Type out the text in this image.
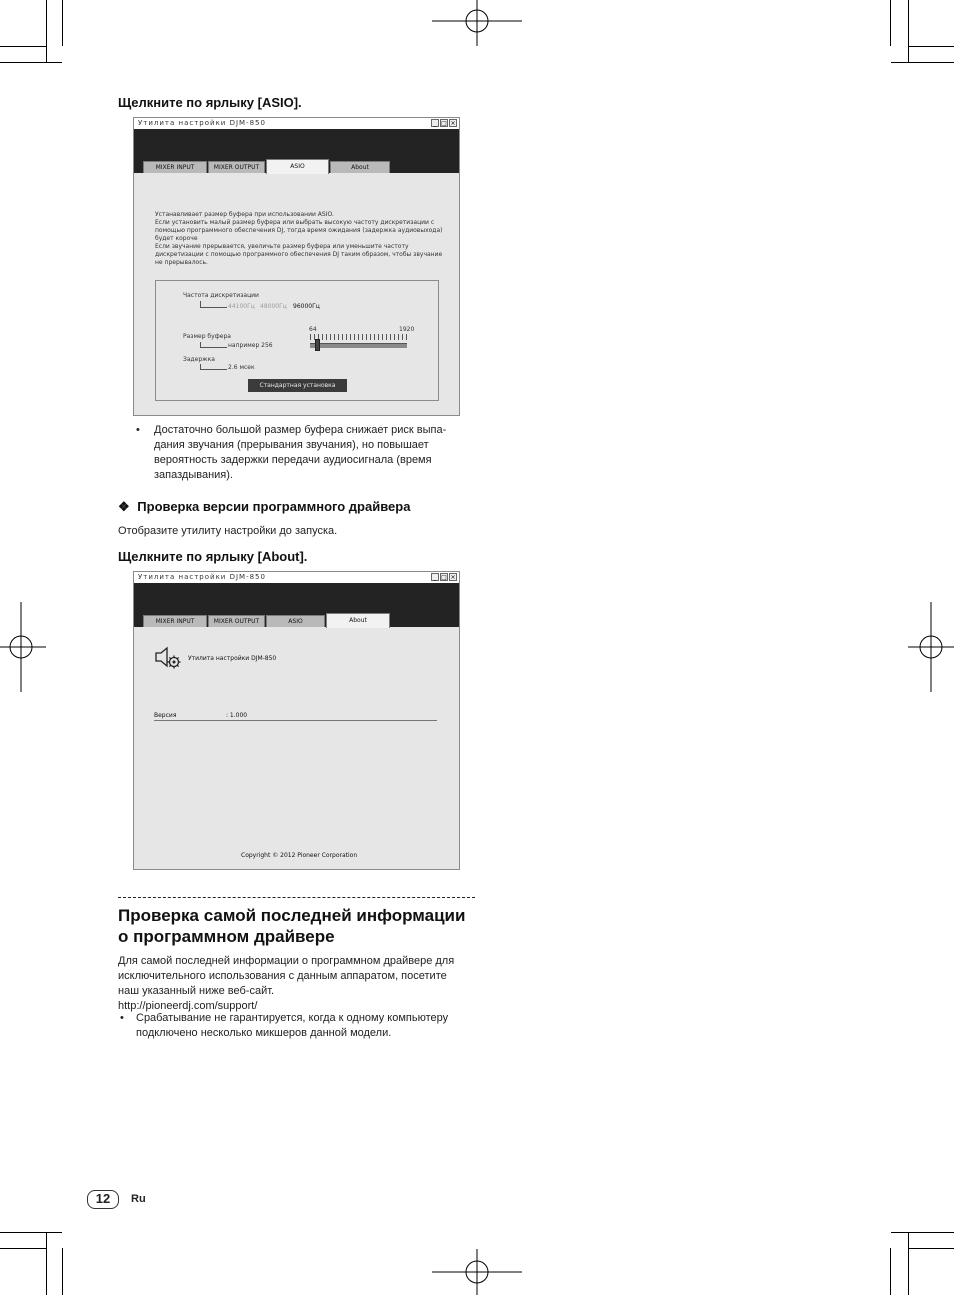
Щелкните по ярлыку [ASIO].
Утилита настройки DJM-850	_ □ ×
MIXER INPUT	MIXER OUTPUT	ASIO	About
Устанавливает размер буфера при использовании ASIO.
Если установить малый размер буфера или выбрать высокую частоту дискретизации с
помощью программного обеспечения DJ, тогда время ожидания (задержка аудиовыхода)
будет короче
Если звучание прерывается, увеличьте размер буфера или уменьшите частоту
дискретизации с помощью программного обеспечения DJ таким образом, чтобы звучание
не прерывалось.
Частота дискретизации
44100Гц 48000Гц 96000Гц
64	1920
Размер буфера
например 256
Задержка
2.6 мсек
Стандартная установка
• Достаточно большой размер буфера снижает риск выпа-
дания звучания (прерывания звучания), но повышает
вероятность задержки передачи аудиосигнала (время
запаздывания).
❖ Проверка версии программного драйвера
Отобразите утилиту настройки до запуска.
Щелкните по ярлыку [About].
Утилита настройки DJM-850	_ □ ×
MIXER INPUT	MIXER OUTPUT	ASIO	About
Утилита настройки DJM-850
Версия	: 1.000
Copyright © 2012 Pioneer Corporation
Проверка самой последней информации
о программном драйвере
Для самой последней информации о программном драйвере для
исключительного использования с данным аппаратом, посетите
наш указанный ниже веб-сайт.
http://pioneerdj.com/support/
• Срабатывание не гарантируется, когда к одному компьютеру
подключено несколько микшеров данной модели.
12	Ru
